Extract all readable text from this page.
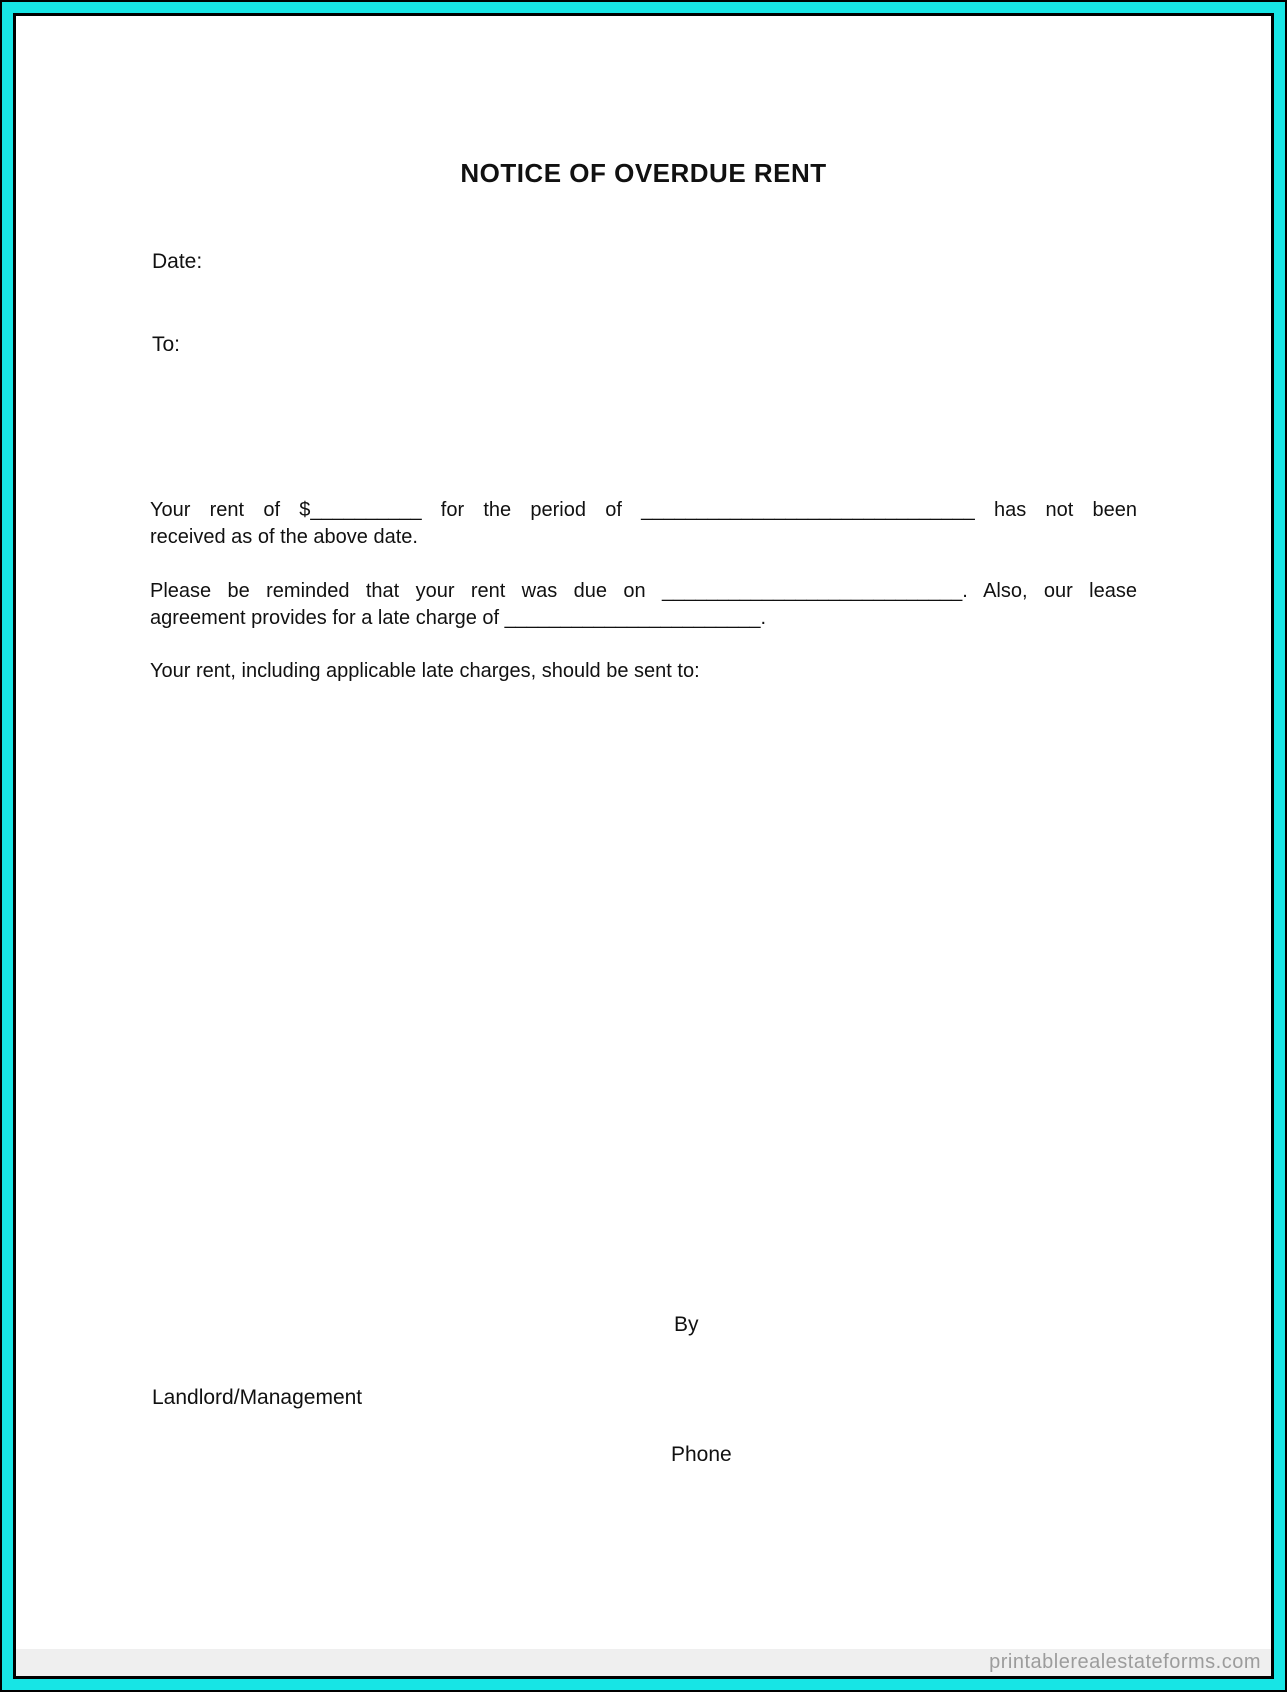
NOTICE OF OVERDUE RENT
Date:
To:
Your rent of $__________ for the period of ______________________________ has not been
received as of the above date.
Please be reminded that your rent was due on ___________________________. Also, our lease
agreement provides for a late charge of _______________________.
Your rent, including applicable late charges, should be sent to:
By
Landlord/Management
Phone
printablerealestateforms.com
